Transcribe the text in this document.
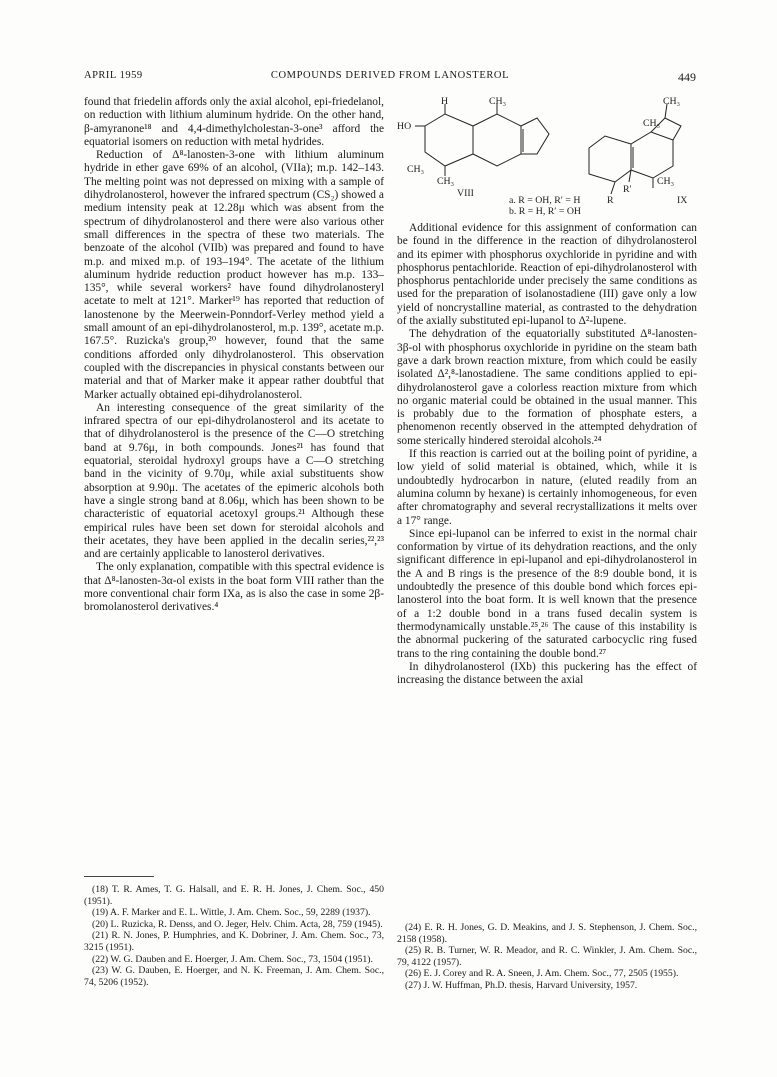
APRIL 1959	COMPOUNDS DERIVED FROM LANOSTEROL	449

found that friedelin affords only the axial alcohol, epi-friedelanol, on reduction with lithium aluminum hydride. On the other hand, β-amyranone¹⁸ and 4,4-dimethylcholestan-3-one³ afford the equatorial isomers on reduction with metal hydrides.

Reduction of Δ⁸-lanosten-3-one with lithium aluminum hydride in ether gave 69% of an alcohol, (VIIa); m.p. 142–143. The melting point was not depressed on mixing with a sample of dihydrolanosterol, however the infrared spectrum (CS₂) showed a medium intensity peak at 12.28μ which was absent from the spectrum of dihydrolanosterol and there were also various other small differences in the spectra of these two materials. The benzoate of the alcohol (VIIb) was prepared and found to have m.p. and mixed m.p. of 193–194°. The acetate of the lithium aluminum hydride reduction product however has m.p. 133–135°, while several workers² have found dihydrolanosteryl acetate to melt at 121°. Marker¹⁹ has reported that reduction of lanostenone by the Meerwein-Ponndorf-Verley method yield a small amount of an epi-dihydrolanosterol, m.p. 139°, acetate m.p. 167.5°. Ruzicka's group,²⁰ however, found that the same conditions afforded only dihydrolanosterol. This observation coupled with the discrepancies in physical constants between our material and that of Marker make it appear rather doubtful that Marker actually obtained epi-dihydrolanosterol.

An interesting consequence of the great similarity of the infrared spectra of our epi-dihydrolanosterol and its acetate to that of dihydrolanosterol is the presence of the C—O stretching band at 9.76μ, in both compounds. Jones²¹ has found that equatorial, steroidal hydroxyl groups have a C—O stretching band in the vicinity of 9.70μ, while axial substituents show absorption at 9.90μ. The acetates of the epimeric alcohols both have a single strong band at 8.06μ, which has been shown to be characteristic of equatorial acetoxyl groups.²¹ Although these empirical rules have been set down for steroidal alcohols and their acetates, they have been applied in the decalin series,²²,²³ and are certainly applicable to lanosterol derivatives.

The only explanation, compatible with this spectral evidence is that Δ⁸-lanosten-3α-ol exists in the boat form VIII rather than the more conventional chair form IXa, as is also the case in some 2β-bromolanosterol derivatives.⁴

H	CH₃
HO
CH₃
CH₃
CH₃
CH₃
CH₃
R′
R
VIII
IX
a. R = OH, R′ = H
b. R = H, R′ = OH

Additional evidence for this assignment of conformation can be found in the difference in the reaction of dihydrolanosterol and its epimer with phosphorus oxychloride in pyridine and with phosphorus pentachloride. Reaction of epi-dihydrolanosterol with phosphorus pentachloride under precisely the same conditions as used for the preparation of isolanostadiene (III) gave only a low yield of noncrystalline material, as contrasted to the dehydration of the axially substituted epi-lupanol to Δ²-lupene.

The dehydration of the equatorially substituted Δ⁸-lanosten-3β-ol with phosphorus oxychloride in pyridine on the steam bath gave a dark brown reaction mixture, from which could be easily isolated Δ²,⁸-lanostadiene. The same conditions applied to epi-dihydrolanosterol gave a colorless reaction mixture from which no organic material could be obtained in the usual manner. This is probably due to the formation of phosphate esters, a phenomenon recently observed in the attempted dehydration of some sterically hindered steroidal alcohols.²⁴

If this reaction is carried out at the boiling point of pyridine, a low yield of solid material is obtained, which, while it is undoubtedly hydrocarbon in nature, (eluted readily from an alumina column by hexane) is certainly inhomogeneous, for even after chromatography and several recrystallizations it melts over a 17° range.

Since epi-lupanol can be inferred to exist in the normal chair conformation by virtue of its dehydration reactions, and the only significant difference in epi-lupanol and epi-dihydrolanosterol in the A and B rings is the presence of the 8:9 double bond, it is undoubtedly the presence of this double bond which forces epi-lanosterol into the boat form. It is well known that the presence of a 1:2 double bond in a trans fused decalin system is thermodynamically unstable.²⁵,²⁶ The cause of this instability is the abnormal puckering of the saturated carbocyclic ring fused trans to the ring containing the double bond.²⁷

In dihydrolanosterol (IXb) this puckering has the effect of increasing the distance between the axial

(18) T. R. Ames, T. G. Halsall, and E. R. H. Jones, J. Chem. Soc., 450 (1951).

(19) A. F. Marker and E. L. Wittle, J. Am. Chem. Soc., 59, 2289 (1937).

(20) L. Ruzicka, R. Denss, and O. Jeger, Helv. Chim. Acta, 28, 759 (1945).

(21) R. N. Jones, P. Humphries, and K. Dobriner, J. Am. Chem. Soc., 73, 3215 (1951).

(22) W. G. Dauben and E. Hoerger, J. Am. Chem. Soc., 73, 1504 (1951).

(23) W. G. Dauben, E. Hoerger, and N. K. Freeman, J. Am. Chem. Soc., 74, 5206 (1952).

(24) E. R. H. Jones, G. D. Meakins, and J. S. Stephenson, J. Chem. Soc., 2158 (1958).

(25) R. B. Turner, W. R. Meador, and R. C. Winkler, J. Am. Chem. Soc., 79, 4122 (1957).

(26) E. J. Corey and R. A. Sneen, J. Am. Chem. Soc., 77, 2505 (1955).

(27) J. W. Huffman, Ph.D. thesis, Harvard University, 1957.
